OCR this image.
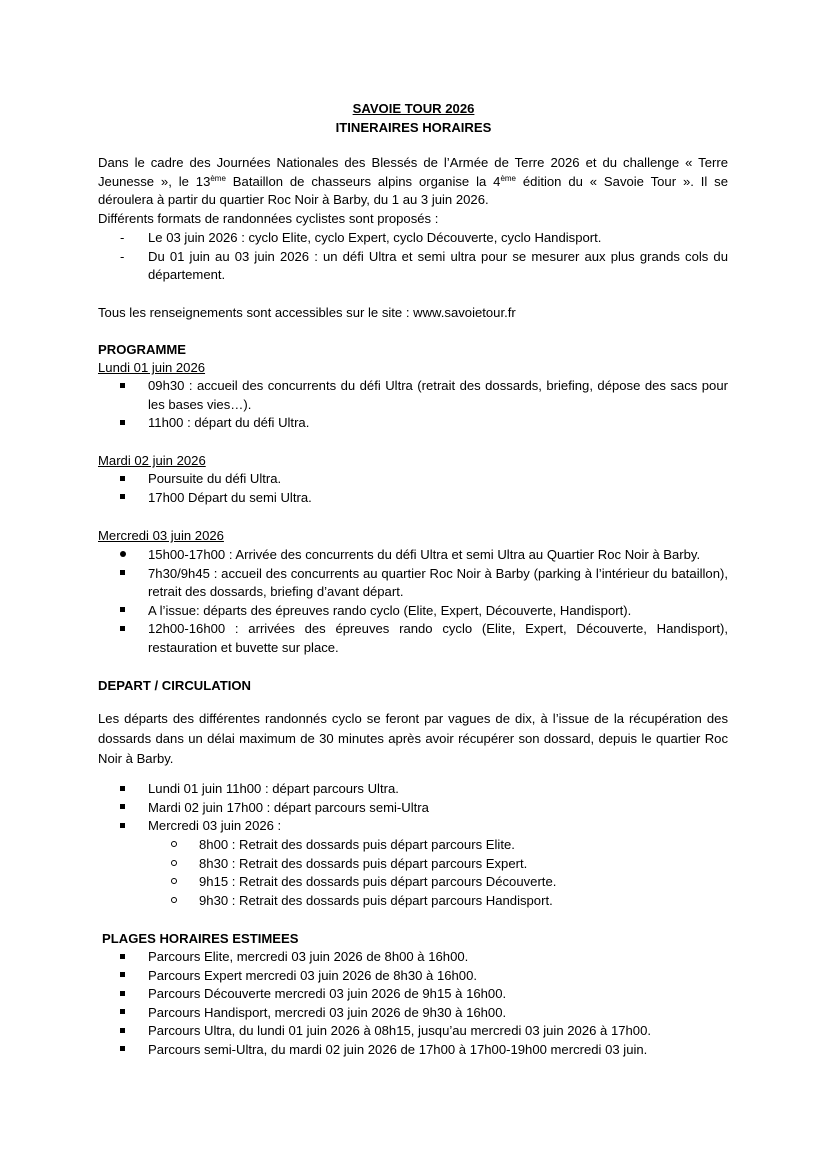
SAVOIE TOUR 2026
ITINERAIRES HORAIRES
Dans le cadre des Journées Nationales des Blessés de l’Armée de Terre 2026 et du challenge « Terre Jeunesse », le 13ème Bataillon de chasseurs alpins organise la 4ème édition du « Savoie Tour ». Il se déroulera à partir du quartier Roc Noir à Barby, du 1 au 3 juin 2026.
Différents formats de randonnées cyclistes sont proposés :
-	Le 03 juin 2026 : cyclo Elite, cyclo Expert, cyclo Découverte, cyclo Handisport.
-	Du 01 juin au 03 juin 2026 : un défi Ultra et semi ultra pour se mesurer aux plus grands cols du département.
Tous les renseignements sont accessibles sur le site : www.savoietour.fr
PROGRAMME
Lundi 01 juin 2026
09h30 : accueil des concurrents du défi Ultra (retrait des dossards, briefing, dépose des sacs pour les bases vies…).
11h00 : départ du défi Ultra.
Mardi 02 juin 2026
Poursuite du défi Ultra.
17h00 Départ du semi Ultra.
Mercredi 03 juin 2026
15h00-17h00 : Arrivée des concurrents du défi Ultra et semi Ultra au Quartier Roc Noir à Barby.
7h30/9h45 : accueil des concurrents au quartier Roc Noir à Barby (parking à l’intérieur du bataillon), retrait des dossards, briefing d’avant départ.
A l’issue: départs des épreuves rando cyclo (Elite, Expert, Découverte, Handisport).
12h00-16h00 : arrivées des épreuves rando cyclo (Elite, Expert, Découverte, Handisport), restauration et buvette sur place.
DEPART / CIRCULATION
Les départs des différentes randonnés cyclo se feront par vagues de dix, à l’issue de la récupération des dossards dans un délai maximum de 30 minutes après avoir récupérer son dossard, depuis le quartier Roc Noir à Barby.
Lundi 01 juin 11h00 : départ parcours Ultra.
Mardi 02 juin 17h00 : départ parcours semi-Ultra
Mercredi 03 juin 2026 :
8h00 : Retrait des dossards puis départ parcours Elite.
8h30 : Retrait des dossards puis départ parcours Expert.
9h15 : Retrait des dossards puis départ parcours Découverte.
9h30 : Retrait des dossards puis départ parcours Handisport.
PLAGES HORAIRES ESTIMEES
Parcours Elite, mercredi 03 juin 2026 de 8h00 à 16h00.
Parcours Expert mercredi 03 juin 2026 de 8h30 à 16h00.
Parcours Découverte mercredi 03 juin 2026 de 9h15 à 16h00.
Parcours Handisport, mercredi 03 juin 2026 de 9h30 à 16h00.
Parcours Ultra, du lundi 01 juin 2026 à 08h15, jusqu’au mercredi 03 juin 2026 à 17h00.
Parcours semi-Ultra, du mardi 02 juin 2026 de 17h00 à 17h00-19h00 mercredi 03 juin.
